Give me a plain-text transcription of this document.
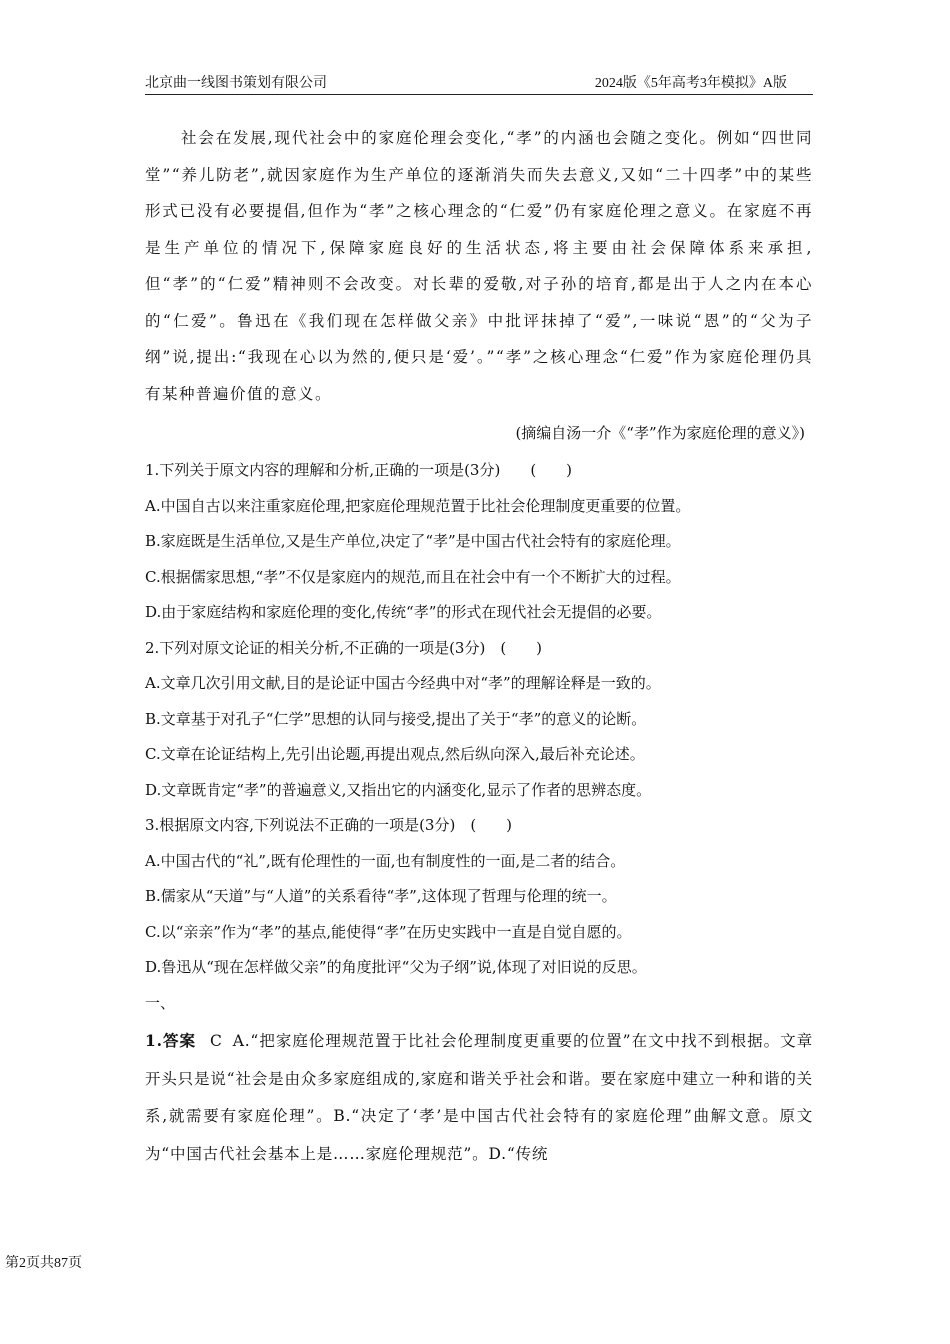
北京曲一线图书策划有限公司	2024版《5年高考3年模拟》A版

社会在发展,现代社会中的家庭伦理会变化,“孝”的内涵也会随之变化。例如“四世同堂”“养儿防老”,就因家庭作为生产单位的逐渐消失而失去意义,又如“二十四孝”中的某些形式已没有必要提倡,但作为“孝”之核心理念的“仁爱”仍有家庭伦理之意义。在家庭不再是生产单位的情况下,保障家庭良好的生活状态,将主要由社会保障体系来承担,但“孝”的“仁爱”精神则不会改变。对长辈的爱敬,对子孙的培育,都是出于人之内在本心的“仁爱”。鲁迅在《我们现在怎样做父亲》中批评抹掉了“爱”,一味说“恩”的“父为子纲”说,提出:“我现在心以为然的,便只是‘爱’。”“孝”之核心理念“仁爱”作为家庭伦理仍具有某种普遍价值的意义。

(摘编自汤一介《“孝”作为家庭伦理的意义》)
1.下列关于原文内容的理解和分析,正确的一项是(3分)　　(　　)
A.中国自古以来注重家庭伦理,把家庭伦理规范置于比社会伦理制度更重要的位置。
B.家庭既是生活单位,又是生产单位,决定了“孝”是中国古代社会特有的家庭伦理。
C.根据儒家思想,“孝”不仅是家庭内的规范,而且在社会中有一个不断扩大的过程。
D.由于家庭结构和家庭伦理的变化,传统“孝”的形式在现代社会无提倡的必要。
2.下列对原文论证的相关分析,不正确的一项是(3分)　(　　)
A.文章几次引用文献,目的是论证中国古今经典中对“孝”的理解诠释是一致的。
B.文章基于对孔子“仁学”思想的认同与接受,提出了关于“孝”的意义的论断。
C.文章在论证结构上,先引出论题,再提出观点,然后纵向深入,最后补充论述。
D.文章既肯定“孝”的普遍意义,又指出它的内涵变化,显示了作者的思辨态度。
3.根据原文内容,下列说法不正确的一项是(3分)　(　　)
A.中国古代的“礼”,既有伦理性的一面,也有制度性的一面,是二者的结合。
B.儒家从“天道”与“人道”的关系看待“孝”,这体现了哲理与伦理的统一。
C.以“亲亲”作为“孝”的基点,能使得“孝”在历史实践中一直是自觉自愿的。
D.鲁迅从“现在怎样做父亲”的角度批评“父为子纲”说,体现了对旧说的反思。
一、

1.答案 C A.“把家庭伦理规范置于比社会伦理制度更重要的位置”在文中找不到根据。文章开头只是说“社会是由众多家庭组成的,家庭和谐关乎社会和谐。要在家庭中建立一种和谐的关系,就需要有家庭伦理”。B.“决定了‘孝’是中国古代社会特有的家庭伦理”曲解文意。原文为“中国古代社会基本上是……家庭伦理规范”。D.“传统

第2页共87页
